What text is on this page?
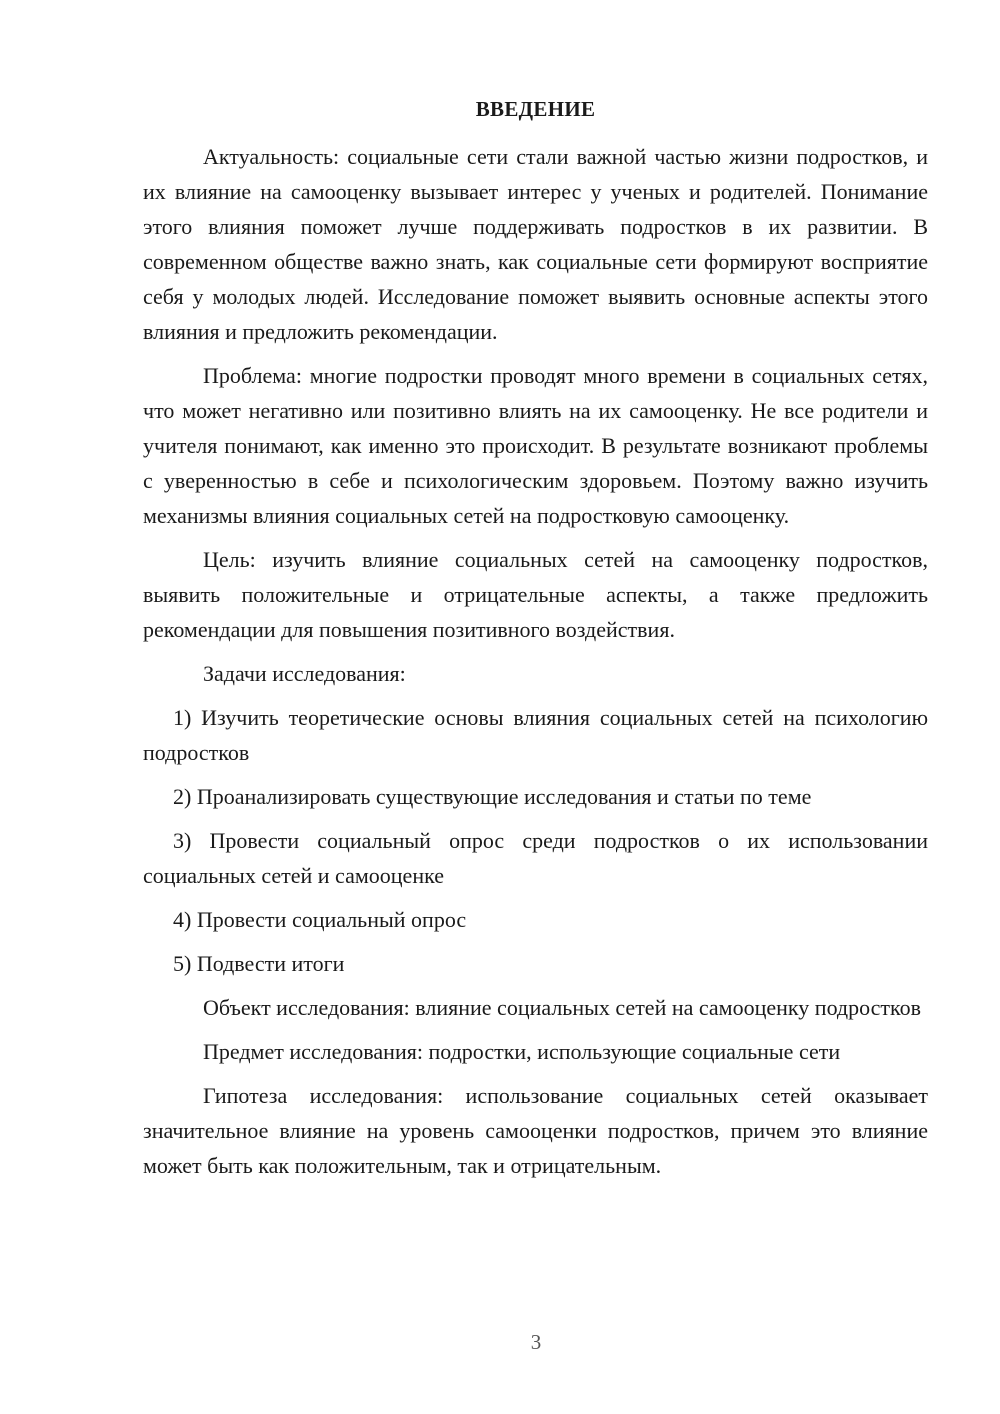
ВВЕДЕНИЕ

Актуальность: социальные сети стали важной частью жизни подростков, и их влияние на самооценку вызывает интерес у ученых и родителей. Понимание этого влияния поможет лучше поддерживать подростков в их развитии. В современном обществе важно знать, как социальные сети формируют восприятие себя у молодых людей. Исследование поможет выявить основные аспекты этого влияния и предложить рекомендации.

Проблема: многие подростки проводят много времени в социальных сетях, что может негативно или позитивно влиять на их самооценку. Не все родители и учителя понимают, как именно это происходит. В результате возникают проблемы с уверенностью в себе и психологическим здоровьем. Поэтому важно изучить механизмы влияния социальных сетей на подростковую самооценку.

Цель: изучить влияние социальных сетей на самооценку подростков, выявить положительные и отрицательные аспекты, а также предложить рекомендации для повышения позитивного воздействия.

Задачи исследования:

1) Изучить теоретические основы влияния социальных сетей на психологию подростков

2) Проанализировать существующие исследования и статьи по теме

3) Провести социальный опрос среди подростков о их использовании социальных сетей и самооценке

4) Провести социальный опрос

5) Подвести итоги

Объект исследования: влияние социальных сетей на самооценку подростков

Предмет исследования: подростки, использующие социальные сети

Гипотеза исследования: использование социальных сетей оказывает значительное влияние на уровень самооценки подростков, причем это влияние может быть как положительным, так и отрицательным.

3
